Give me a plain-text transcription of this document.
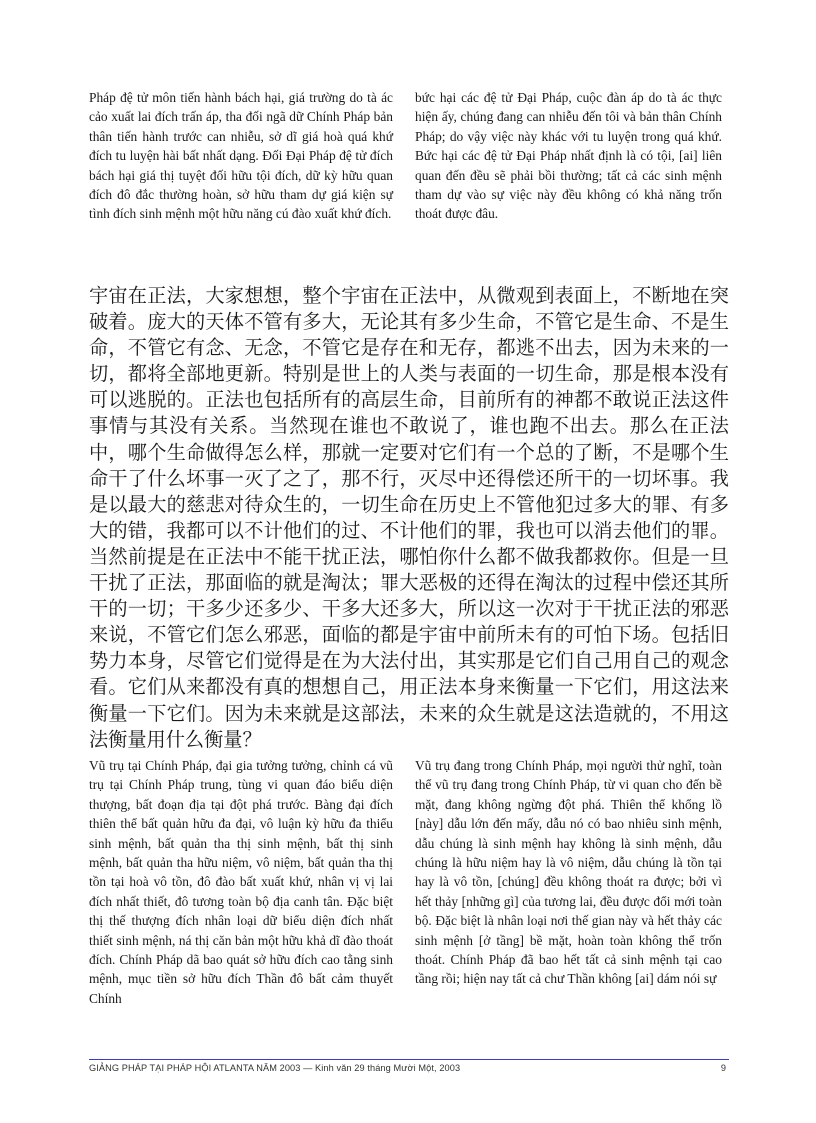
Pháp đệ tử môn tiến hành bách hại, giá trường do tà ác cảo xuất lai đích trấn áp, tha đối ngã dữ Chính Pháp bản thân tiến hành trước can nhiễu, sở dĩ giá hoà quá khứ đích tu luyện hài bất nhất dạng. Đối Đại Pháp đệ tử đích bách hại giá thị tuyệt đối hữu tội đích, dữ kỳ hữu quan đích đô đắc thường hoàn, sở hữu tham dự giá kiện sự tình đích sinh mệnh một hữu năng cú đào xuất khứ đích.

bức hại các đệ tử Đại Pháp, cuộc đàn áp do tà ác thực hiện ấy, chúng đang can nhiễu đến tôi và bản thân Chính Pháp; do vậy việc này khác với tu luyện trong quá khứ. Bức hại các đệ tử Đại Pháp nhất định là có tội, [ai] liên quan đến đều sẽ phải bồi thường; tất cả các sinh mệnh tham dự vào sự việc này đều không có khả năng trốn thoát được đâu.

宇宙在正法，大家想想，整个宇宙在正法中，从微观到表面上，不断地在突破着。庞大的天体不管有多大，无论其有多少生命，不管它是生命、不是生命，不管它有念、无念，不管它是存在和无存，都逃不出去，因为未来的一切，都将全部地更新。特别是世上的人类与表面的一切生命，那是根本没有可以逃脱的。正法也包括所有的高层生命，目前所有的神都不敢说正法这件事情与其没有关系。当然现在谁也不敢说了，谁也跑不出去。那么在正法中，哪个生命做得怎么样，那就一定要对它们有一个总的了断，不是哪个生命干了什么坏事一灭了之了，那不行，灭尽中还得偿还所干的一切坏事。我是以最大的慈悲对待众生的，一切生命在历史上不管他犯过多大的罪、有多大的错，我都可以不计他们的过、不计他们的罪，我也可以消去他们的罪。当然前提是在正法中不能干扰正法，哪怕你什么都不做我都救你。但是一旦干扰了正法，那面临的就是淘汰；罪大恶极的还得在淘汰的过程中偿还其所干的一切；干多少还多少、干多大还多大，所以这一次对于干扰正法的邪恶来说，不管它们怎么邪恶，面临的都是宇宙中前所未有的可怕下场。包括旧势力本身，尽管它们觉得是在为大法付出，其实那是它们自己用自己的观念看。它们从来都没有真的想想自己，用正法本身来衡量一下它们，用这法来衡量一下它们。因为未来就是这部法，未来的众生就是这法造就的，不用这法衡量用什么衡量？

Vũ trụ tại Chính Pháp, đại gia tưởng tưởng, chỉnh cá vũ trụ tại Chính Pháp trung, tùng vi quan đáo biểu diện thượng, bất đoạn địa tại đột phá trước. Bàng đại đích thiên thể bất quản hữu đa đại, vô luận kỳ hữu đa thiểu sinh mệnh, bất quản tha thị sinh mệnh, bất thị sinh mệnh, bất quản tha hữu niệm, vô niệm, bất quản tha thị tồn tại hoà vô tồn, đô đào bất xuất khứ, nhân vị vị lai đích nhất thiết, đô tương toàn bộ địa canh tân. Đặc biệt thị thế thượng đích nhân loại dữ biểu diện đích nhất thiết sinh mệnh, ná thị căn bản một hữu khả dĩ đào thoát đích. Chính Pháp dã bao quát sở hữu đích cao tằng sinh mệnh, mục tiền sở hữu đích Thần đô bất cảm thuyết Chính

Vũ trụ đang trong Chính Pháp, mọi người thử nghĩ, toàn thể vũ trụ đang trong Chính Pháp, từ vi quan cho đến bề mặt, đang không ngừng đột phá. Thiên thể khổng lồ [này] dẫu lớn đến mấy, dẫu nó có bao nhiêu sinh mệnh, dẫu chúng là sinh mệnh hay không là sinh mệnh, dẫu chúng là hữu niệm hay là vô niệm, dẫu chúng là tồn tại hay là vô tồn, [chúng] đều không thoát ra được; bởi vì hết thảy [những gì] của tương lai, đều được đổi mới toàn bộ. Đặc biệt là nhân loại nơi thế gian này và hết thảy các sinh mệnh [ở tầng] bề mặt, hoàn toàn không thể trốn thoát. Chính Pháp đã bao hết tất cả sinh mệnh tại cao tầng rồi; hiện nay tất cả chư Thần không [ai] dám nói sự

GIẢNG PHÁP TẠI PHÁP HỘI ATLANTA NĂM 2003 — Kinh văn 29 tháng Mười Một, 2003	9
